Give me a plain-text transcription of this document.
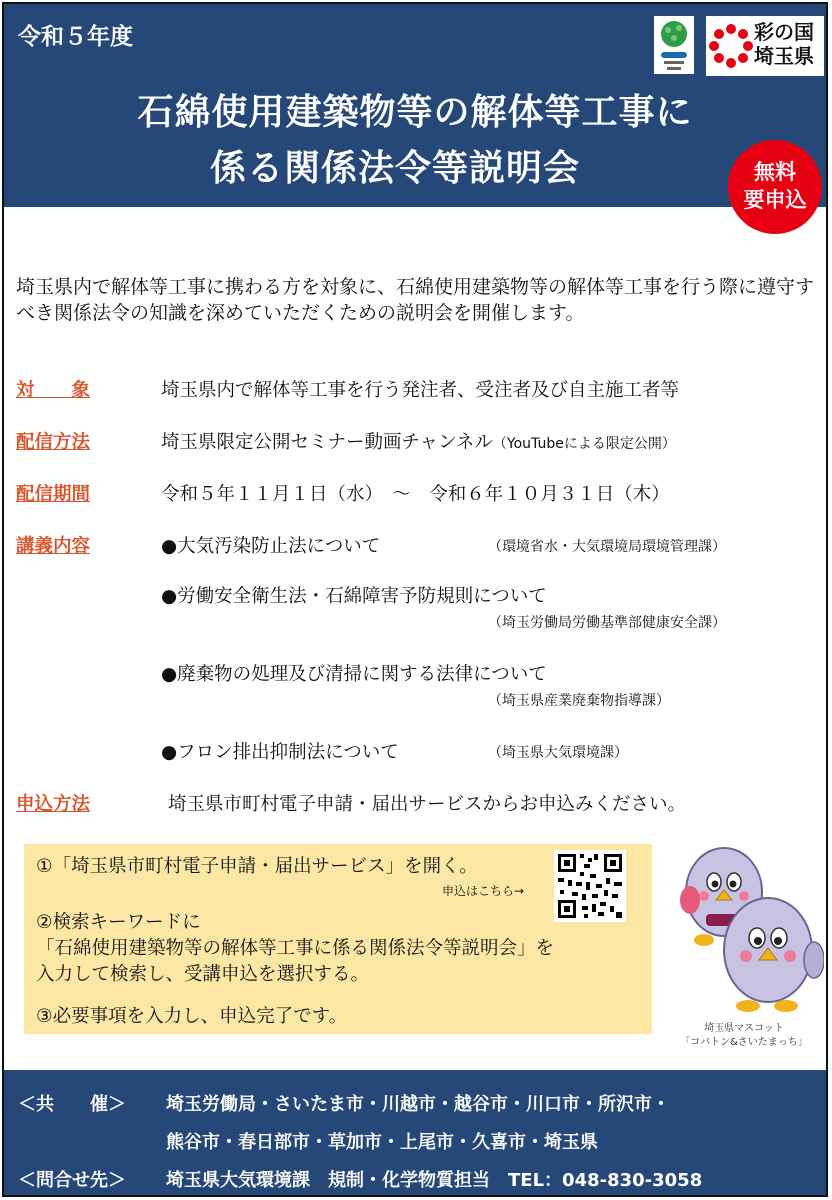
令和５年度	彩の国
埼玉県
石綿使用建築物等の解体等工事に
係る関係法令等説明会	無料
要申込
埼玉県内で解体等工事に携わる方を対象に、石綿使用建築物等の解体等工事を行う際に遵守すべき関係法令の知識を深めていただくための説明会を開催します。
対　　象	埼玉県内で解体等工事を行う発注者、受注者及び自主施工者等
配信方法	埼玉県限定公開セミナー動画チャンネル（YouTubeによる限定公開）
配信期間	令和５年１１月１日（水）　～　令和６年１０月３１日（木）
講義内容	●大気汚染防止法について	（環境省水・大気環境局環境管理課）
●労働安全衛生法・石綿障害予防規則について
（埼玉労働局労働基準部健康安全課）
●廃棄物の処理及び清掃に関する法律について
（埼玉県産業廃棄物指導課）
●フロン排出抑制法について	（埼玉県大気環境課）
申込方法	埼玉県市町村電子申請・届出サービスからお申込みください。
①「埼玉県市町村電子申請・届出サービス」を開く。
申込はこちら→
②検索キーワードに
「石綿使用建築物等の解体等工事に係る関係法令等説明会」を
入力して検索し、受講申込を選択する。
③必要事項を入力し、申込完了です。
埼玉県マスコット
「コバトン&さいたまっち」
＜共　　催＞ 埼玉労働局・さいたま市・川越市・越谷市・川口市・所沢市・
熊谷市・春日部市・草加市・上尾市・久喜市・埼玉県
＜問合せ先＞ 埼玉県大気環境課　規制・化学物質担当　TEL：048-830-3058
